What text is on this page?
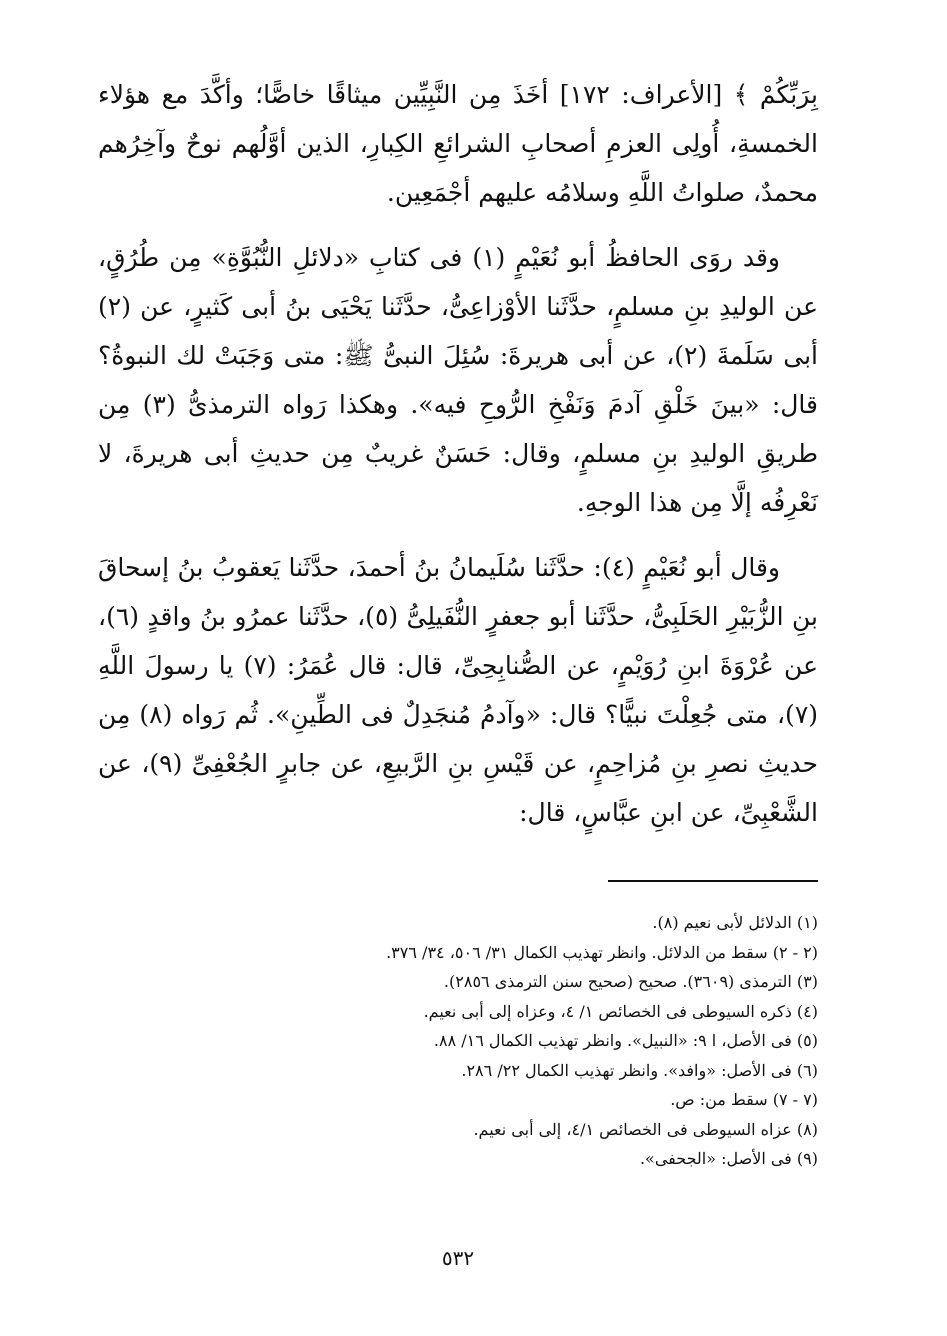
بِرَبِّكُمْ ﴾ [الأعراف: ١٧٢] أخَذَ مِن النَّبِيِّين ميثاقًا خاصًّا؛ وأكَّدَ مع هؤلاء الخمسةِ، أُولِى العزمِ أصحابِ الشرائعِ الكِبارِ، الذين أوَّلُهم نوحٌ وآخِرُهم محمدٌ، صلواتُ اللَّهِ وسلامُه عليهم أجْمَعِين.

وقد روَى الحافظُ أبو نُعَيْمٍ (١) فى كتابِ «دلائلِ النُّبُوَّةِ» مِن طُرُقٍ، عن الوليدِ بنِ مسلمٍ، حدَّثَنا الأوْزاعِىُّ، حدَّثَنا يَحْيَى بنُ أبى كَثيرٍ، عن (٢) أبى سَلَمةَ (٢)، عن أبى هريرةَ: سُئِلَ النبىُّ ﷺ: متى وَجَبَتْ لك النبوةُ؟ قال: «بينَ خَلْقِ آدمَ وَنَفْخِ الرُّوحِ فيه». وهكذا رَواه الترمذىُّ (٣) مِن طريقِ الوليدِ بنِ مسلمٍ، وقال: حَسَنٌ غريبٌ مِن حديثِ أبى هريرةَ، لا نَعْرِفُه إلَّا مِن هذا الوجهِ.

وقال أبو نُعَيْمٍ (٤): حدَّثَنا سُلَيمانُ بنُ أحمدَ، حدَّثَنا يَعقوبُ بنُ إسحاقَ بنِ الزُّبَيْرِ الحَلَبِىُّ، حدَّثَنا أبو جعفرٍ النُّفَيلِىُّ (٥)، حدَّثَنا عمرُو بنُ واقدٍ (٦)، عن عُرْوَةَ ابنِ رُوَيْمٍ، عن الصُّنابِحِىِّ، قال: قال عُمَرُ: (٧) يا رسولَ اللَّهِ (٧)، متى جُعِلْتَ نبيًّا؟ قال: «وآدمُ مُنجَدِلٌ فى الطِّينِ». ثُم رَواه (٨) مِن حديثِ نصرِ بنِ مُزاحِمٍ، عن قَيْسِ بنِ الرَّبيعِ، عن جابرٍ الجُعْفِىِّ (٩)، عن الشَّعْبِىِّ، عن ابنِ عبَّاسٍ، قال:

(١) الدلائل لأبى نعيم (٨).
(٢ - ٢) سقط من الدلائل. وانظر تهذيب الكمال ٣١/ ٥٠٦، ٣٤/ ٣٧٦.
(٣) الترمذى (٣٦٠٩). صحيح (صحيح سنن الترمذى ٢٨٥٦).
(٤) ذكره السيوطى فى الخصائص ١/ ٤، وعزاه إلى أبى نعيم.
(٥) فى الأصل، ا ٩: «النبيل». وانظر تهذيب الكمال ١٦/ ٨٨.
(٦) فى الأصل: «وافد». وانظر تهذيب الكمال ٢٢/ ٢٨٦.
(٧ - ٧) سقط من: ص.
(٨) عزاه السيوطى فى الخصائص ٤/١، إلى أبى نعيم.
(٩) فى الأصل: «الجحفى».
٥٣٢
